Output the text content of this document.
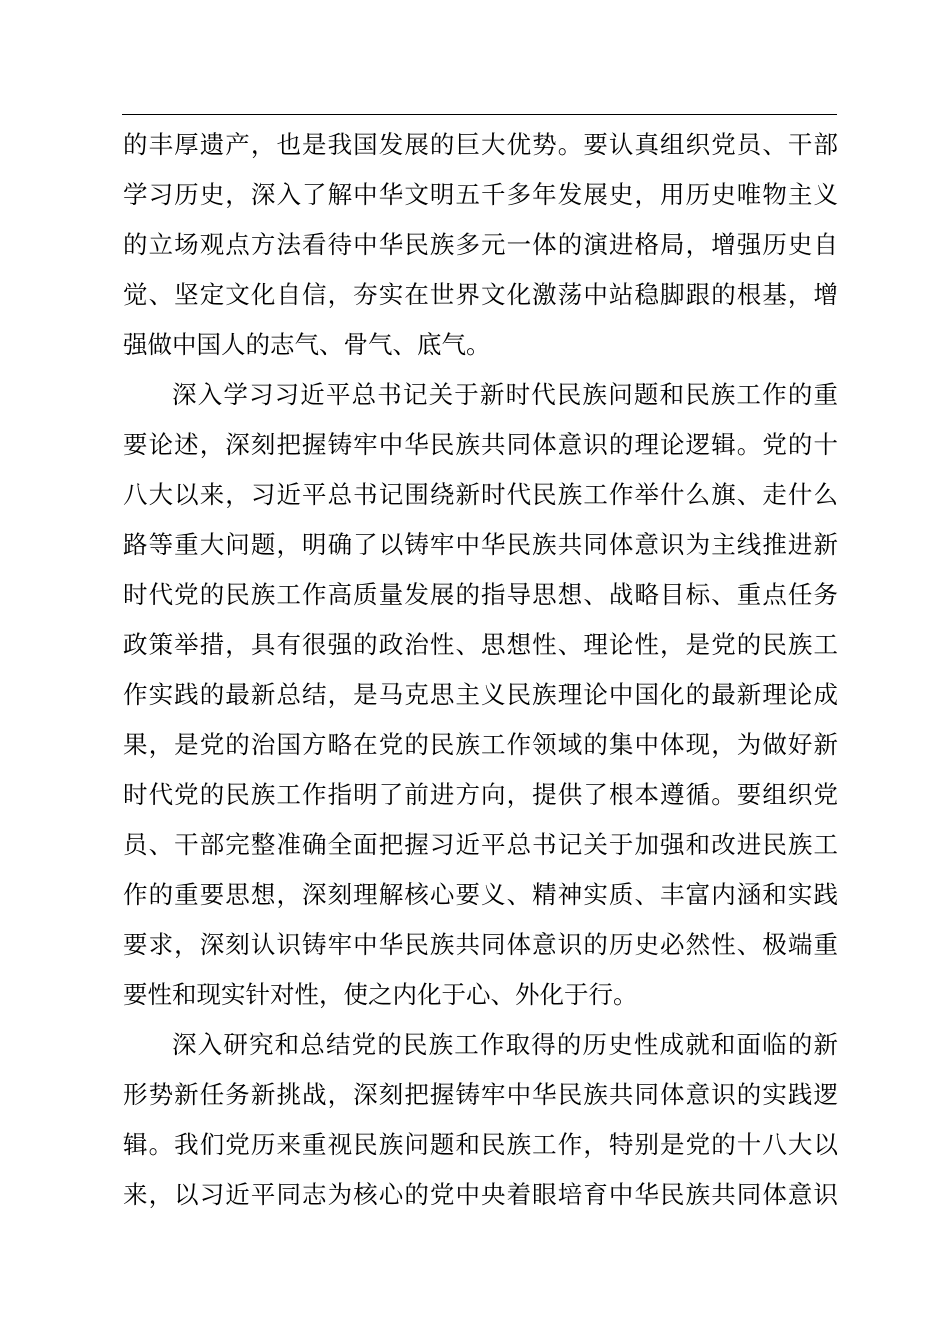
的丰厚遗产，也是我国发展的巨大优势。要认真组织党员、干部
学习历史，深入了解中华文明五千多年发展史，用历史唯物主义
的立场观点方法看待中华民族多元一体的演进格局，增强历史自
觉、坚定文化自信，夯实在世界文化激荡中站稳脚跟的根基，增
强做中国人的志气、骨气、底气。

深入学习习近平总书记关于新时代民族问题和民族工作的重
要论述，深刻把握铸牢中华民族共同体意识的理论逻辑。党的十
八大以来，习近平总书记围绕新时代民族工作举什么旗、走什么
路等重大问题，明确了以铸牢中华民族共同体意识为主线推进新
时代党的民族工作高质量发展的指导思想、战略目标、重点任务
政策举措，具有很强的政治性、思想性、理论性，是党的民族工
作实践的最新总结，是马克思主义民族理论中国化的最新理论成
果，是党的治国方略在党的民族工作领域的集中体现，为做好新
时代党的民族工作指明了前进方向，提供了根本遵循。要组织党
员、干部完整准确全面把握习近平总书记关于加强和改进民族工
作的重要思想，深刻理解核心要义、精神实质、丰富内涵和实践
要求，深刻认识铸牢中华民族共同体意识的历史必然性、极端重
要性和现实针对性，使之内化于心、外化于行。

深入研究和总结党的民族工作取得的历史性成就和面临的新
形势新任务新挑战，深刻把握铸牢中华民族共同体意识的实践逻
辑。我们党历来重视民族问题和民族工作，特别是党的十八大以
来，以习近平同志为核心的党中央着眼培育中华民族共同体意识
